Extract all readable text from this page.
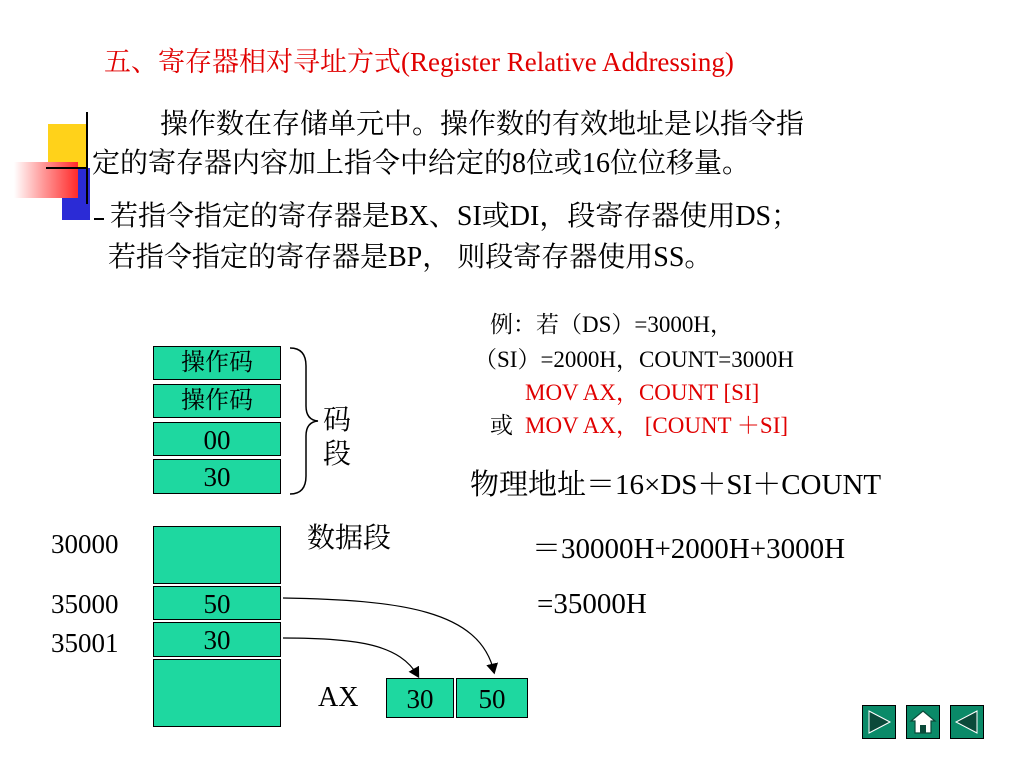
五、寄存器相对寻址方式(Register Relative Addressing)
操作数在存储单元中。操作数的有效地址是以指令指
定的寄存器内容加上指令中给定的8位或16位位移量。
若指令指定的寄存器是BX、SI或DI，段寄存器使用DS；
若指令指定的寄存器是BP， 则段寄存器使用SS。
操作码
操作码
00
30
码
段
数据段
30000
35000
35001
50
30
AX	30	50
例：若（DS）=3000H，
（SI）=2000H，COUNT=3000H
MOV AX，COUNT [SI]
或 MOV AX， [COUNT ＋SI]
物理地址＝16×DS＋SI＋COUNT
＝30000H+2000H+3000H
=35000H
